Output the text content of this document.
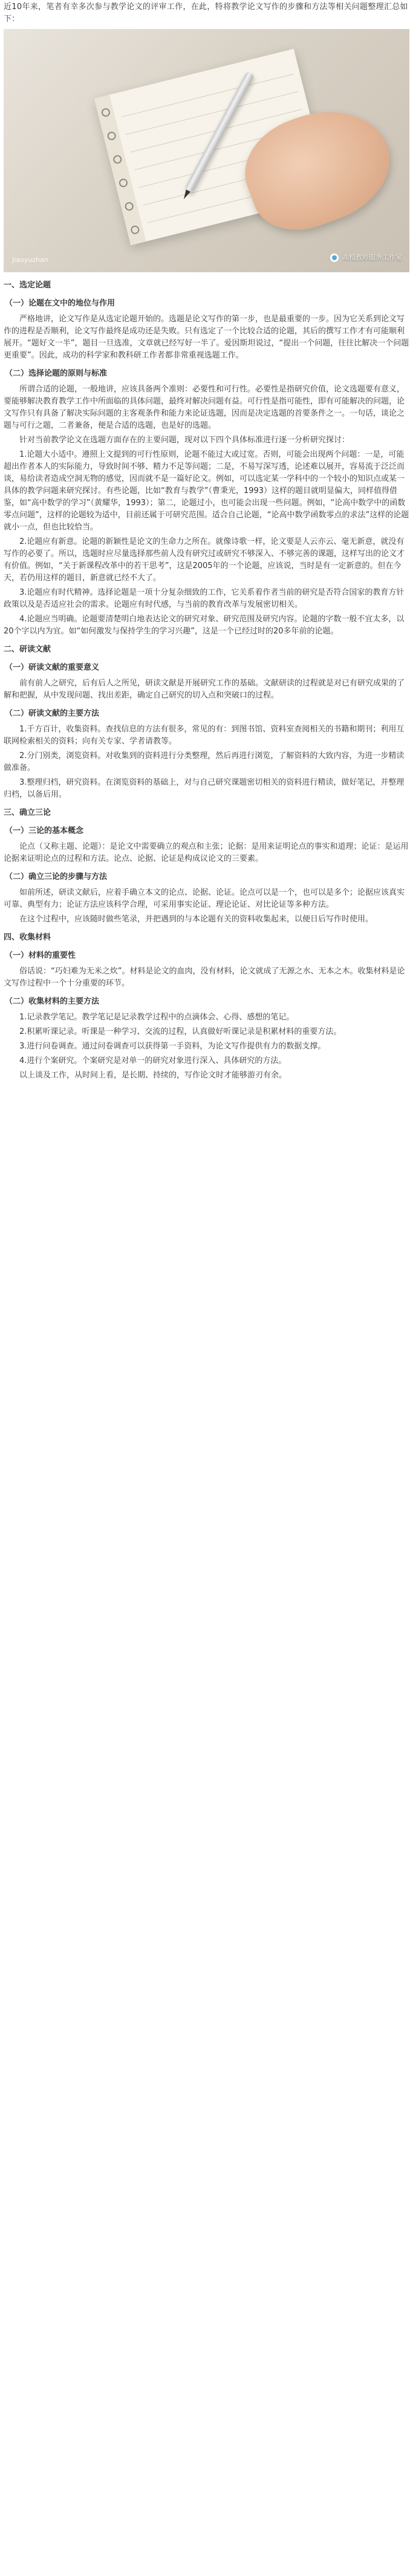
近10年来，笔者有幸多次参与教学论文的评审工作，在此，特将教学论文写作的步骤和方法等相关问题整理汇总如下：

Jiaoyuzhan	高校教师服务工作室
一、选定论题
（一）论题在文中的地位与作用

严格地讲，论文写作是从选定论题开始的。选题是论文写作的第一步，也是最重要的一步。因为它关系到论文写作的进程是否顺利，论文写作最终是成功还是失败。只有选定了一个比较合适的论题，其后的撰写工作才有可能顺利展开。“题好文一半”，题目一旦选准，文章就已经写好一半了。爱因斯坦说过，“提出一个问题，往往比解决一个问题更重要”。因此，成功的科学家和教科研工作者都非常重视选题工作。

（二）选择论题的原则与标准

所谓合适的论题，一般地讲，应该具备两个准则：必要性和可行性。必要性是指研究价值，论文选题要有意义，要能够解决教育教学工作中所面临的具体问题，最终对解决问题有益。可行性是指可能性，即有可能解决的问题，论文写作只有具备了解决实际问题的主客观条件和能力来论证选题，因而是决定选题的首要条件之一。一句话，谈论之题与可行之题，二者兼备，便是合适的选题，也是好的选题。

针对当前教学论文在选题方面存在的主要问题，现对以下四个具体标准进行逐一分析研究探讨：

1.论题大小适中。遵照上文提到的可行性原则，论题不能过大或过宽。否则，可能会出现两个问题：一是，可能超出作者本人的实际能力，导致时间不够、精力不足等问题；二是，不易写深写透，论述难以展开，容易流于泛泛而谈，易给读者造成空洞无物的感觉，因而就不是一篇好论文。例如，可以选定某一学科中的一个较小的知识点或某一具体的教学问题来研究探讨。有些论题，比如“教育与教学”（曹秉光，1993）这样的题目就明显偏大，同样值得借鉴，如“高中数学的学习”（黄耀华，1993）；第二，论题过小，也可能会出现一些问题。例如，“论高中数学中的函数零点问题”，这样的论题较为适中，目前还属于可研究范围。适合自己论题，“论高中数学函数零点的求法”这样的论题就小一点，但也比较恰当。

2.论题应有新意。论题的新颖性是论文的生命力之所在。就像诗歌一样，论文要是人云亦云、毫无新意，就没有写作的必要了。所以，选题时应尽量选择那些前人没有研究过或研究不够深入、不够完善的课题，这样写出的论文才有价值。例如，“关于新课程改革中的若干思考”，这是2005年的一个论题，应该说，当时是有一定新意的。但在今天，若仍用这样的题目，新意就已经不大了。

3.论题应有时代精神。选择论题是一项十分复杂细致的工作，它关系着作者当前的研究是否符合国家的教育方针政策以及是否适应社会的需求。论题应有时代感，与当前的教育改革与发展密切相关。

4.论题应当明确。论题要清楚明白地表达论文的研究对象、研究范围及研究内容。论题的字数一般不宜太多，以20个字以内为宜。如“如何激发与保持学生的学习兴趣”，这是一个已经过时的20多年前的论题。

二、研读文献
（一）研读文献的重要意义

前有前人之研究，后有后人之所见，研读文献是开展研究工作的基础。文献研读的过程就是对已有研究成果的了解和把握，从中发现问题、找出差距，确定自己研究的切入点和突破口的过程。

（二）研读文献的主要方法

1.千方百计，收集资料。查找信息的方法有很多，常见的有：到图书馆、资料室查阅相关的书籍和期刊；利用互联网检索相关的资料；向有关专家、学者请教等。

2.分门别类，浏览资料。对收集到的资料进行分类整理，然后再进行浏览，了解资料的大致内容，为进一步精读做准备。

3.整理归档，研究资料。在浏览资料的基础上，对与自己研究课题密切相关的资料进行精读，做好笔记，并整理归档，以备后用。

三、确立三论
（一）三论的基本概念

论点（又称主题、论题）：是论文中需要确立的观点和主张；论据：是用来证明论点的事实和道理；论证：是运用论据来证明论点的过程和方法。论点、论据、论证是构成议论文的三要素。

（二）确立三论的步骤与方法

如前所述，研读文献后，应着手确立本文的论点、论据、论证。论点可以是一个，也可以是多个；论据应该真实可靠、典型有力；论证方法应该科学合理，可采用事实论证、理论论证、对比论证等多种方法。

在这个过程中，应该随时做些笔录，并把遇到的与本论题有关的资料收集起来，以便日后写作时使用。

四、收集材料
（一）材料的重要性

俗话说：“巧妇难为无米之炊”。材料是论文的血肉，没有材料，论文就成了无源之水、无本之木。收集材料是论文写作过程中一个十分重要的环节。

（二）收集材料的主要方法

1.记录教学笔记。教学笔记是记录教学过程中的点滴体会、心得、感想的笔记。

2.积累听课记录。听课是一种学习、交流的过程，认真做好听课记录是积累材料的重要方法。

3.进行问卷调查。通过问卷调查可以获得第一手资料，为论文写作提供有力的数据支撑。

4.进行个案研究。个案研究是对单一的研究对象进行深入、具体研究的方法。

以上谈及工作，从时间上看，是长期、持续的，写作论文时才能够游刃有余。
